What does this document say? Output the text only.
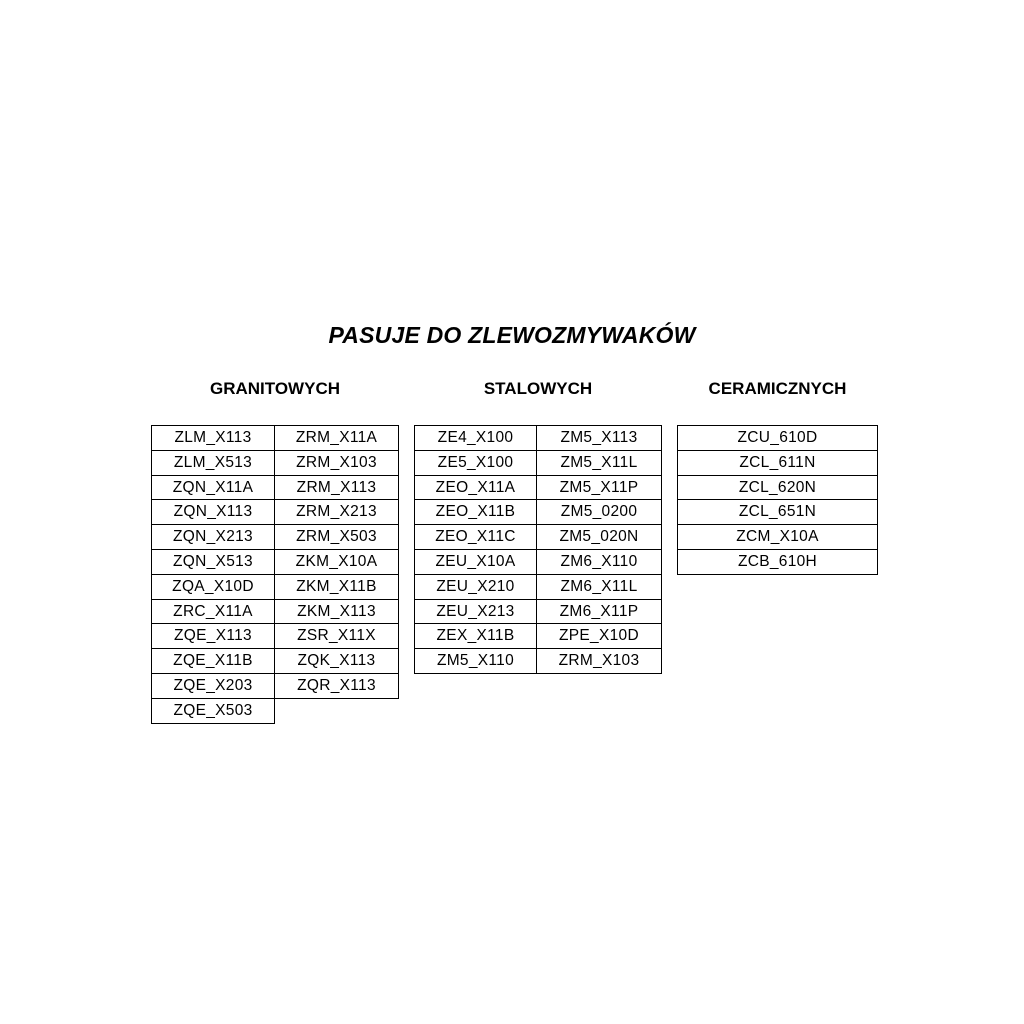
PASUJE DO ZLEWOZMYWAKÓW
GRANITOWYCH	STALOWYCH	CERAMICZNYCH
ZLM_X113
ZLM_X513
ZQN_X11A
ZQN_X113
ZQN_X213
ZQN_X513
ZQA_X10D
ZRC_X11A
ZQE_X113
ZQE_X11B
ZQE_X203
ZQE_X503
ZRM_X11A
ZRM_X103
ZRM_X113
ZRM_X213
ZRM_X503
ZKM_X10A
ZKM_X11B
ZKM_X113
ZSR_X11X
ZQK_X113
ZQR_X113
ZE4_X100
ZE5_X100
ZEO_X11A
ZEO_X11B
ZEO_X11C
ZEU_X10A
ZEU_X210
ZEU_X213
ZEX_X11B
ZM5_X110
ZM5_X113
ZM5_X11L
ZM5_X11P
ZM5_0200
ZM5_020N
ZM6_X110
ZM6_X11L
ZM6_X11P
ZPE_X10D
ZRM_X103
ZCU_610D
ZCL_611N
ZCL_620N
ZCL_651N
ZCM_X10A
ZCB_610H
